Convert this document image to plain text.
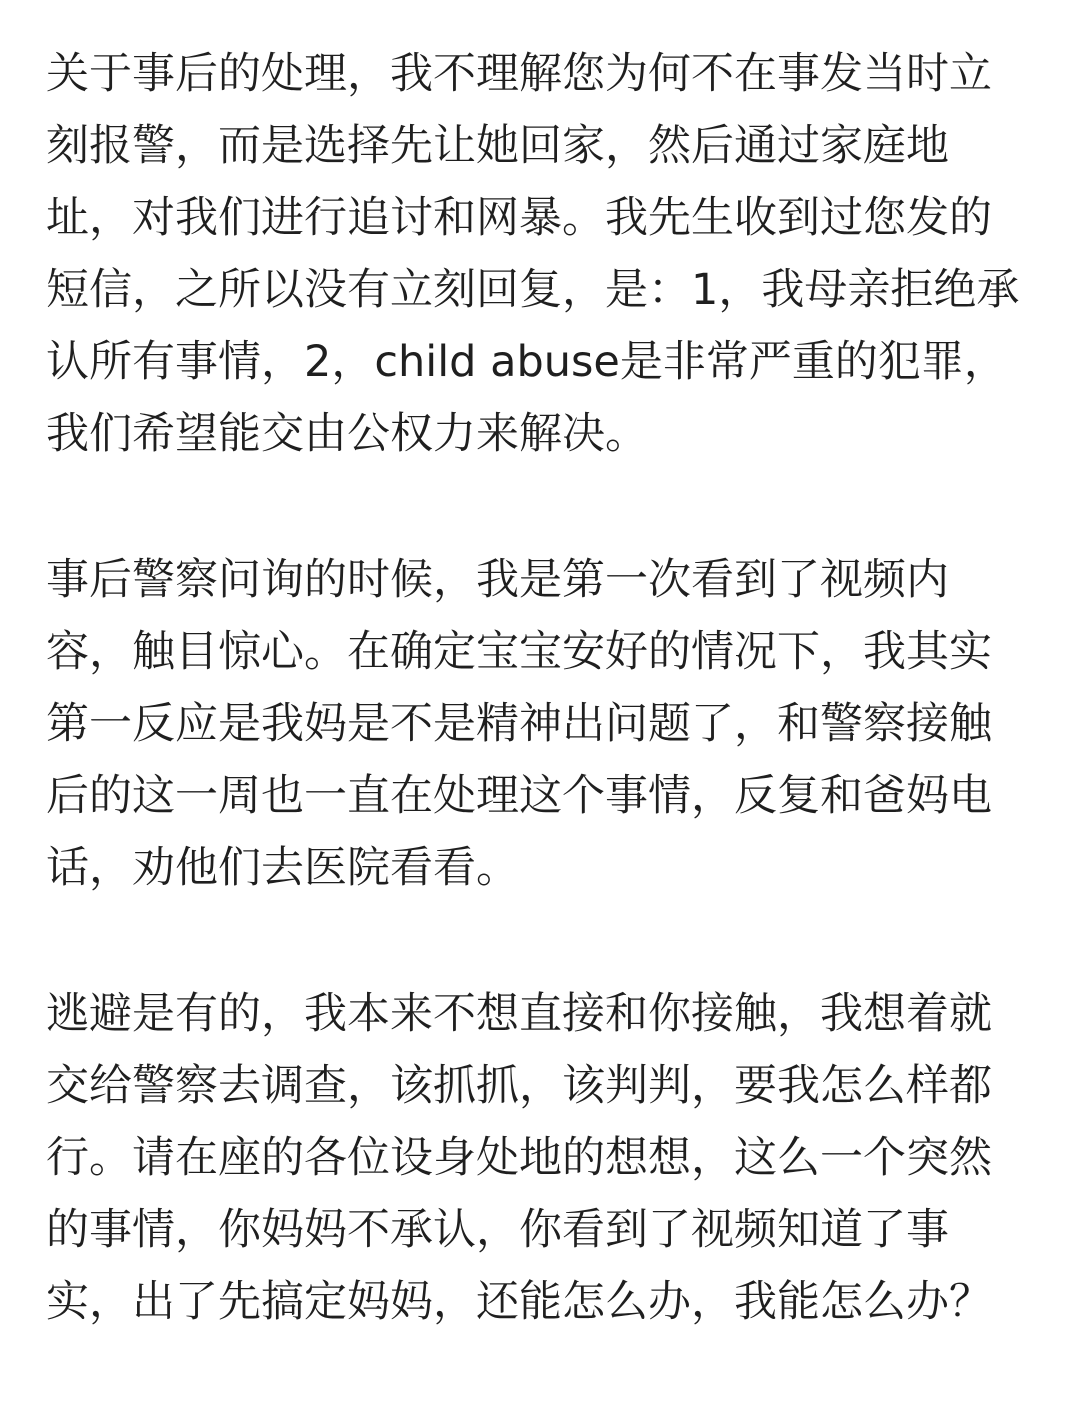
关于事后的处理，我不理解您为何不在事发当时立
刻报警，而是选择先让她回家，然后通过家庭地
址，对我们进行追讨和网暴。我先生收到过您发的
短信，之所以没有立刻回复，是：1，我母亲拒绝承
认所有事情，2，child abuse是非常严重的犯罪，
我们希望能交由公权力来解决。
事后警察问询的时候，我是第一次看到了视频内
容，触目惊心。在确定宝宝安好的情况下，我其实
第一反应是我妈是不是精神出问题了，和警察接触
后的这一周也一直在处理这个事情，反复和爸妈电
话，劝他们去医院看看。
逃避是有的，我本来不想直接和你接触，我想着就
交给警察去调查，该抓抓，该判判，要我怎么样都
行。请在座的各位设身处地的想想，这么一个突然
的事情，你妈妈不承认，你看到了视频知道了事
实，出了先搞定妈妈，还能怎么办，我能怎么办？
